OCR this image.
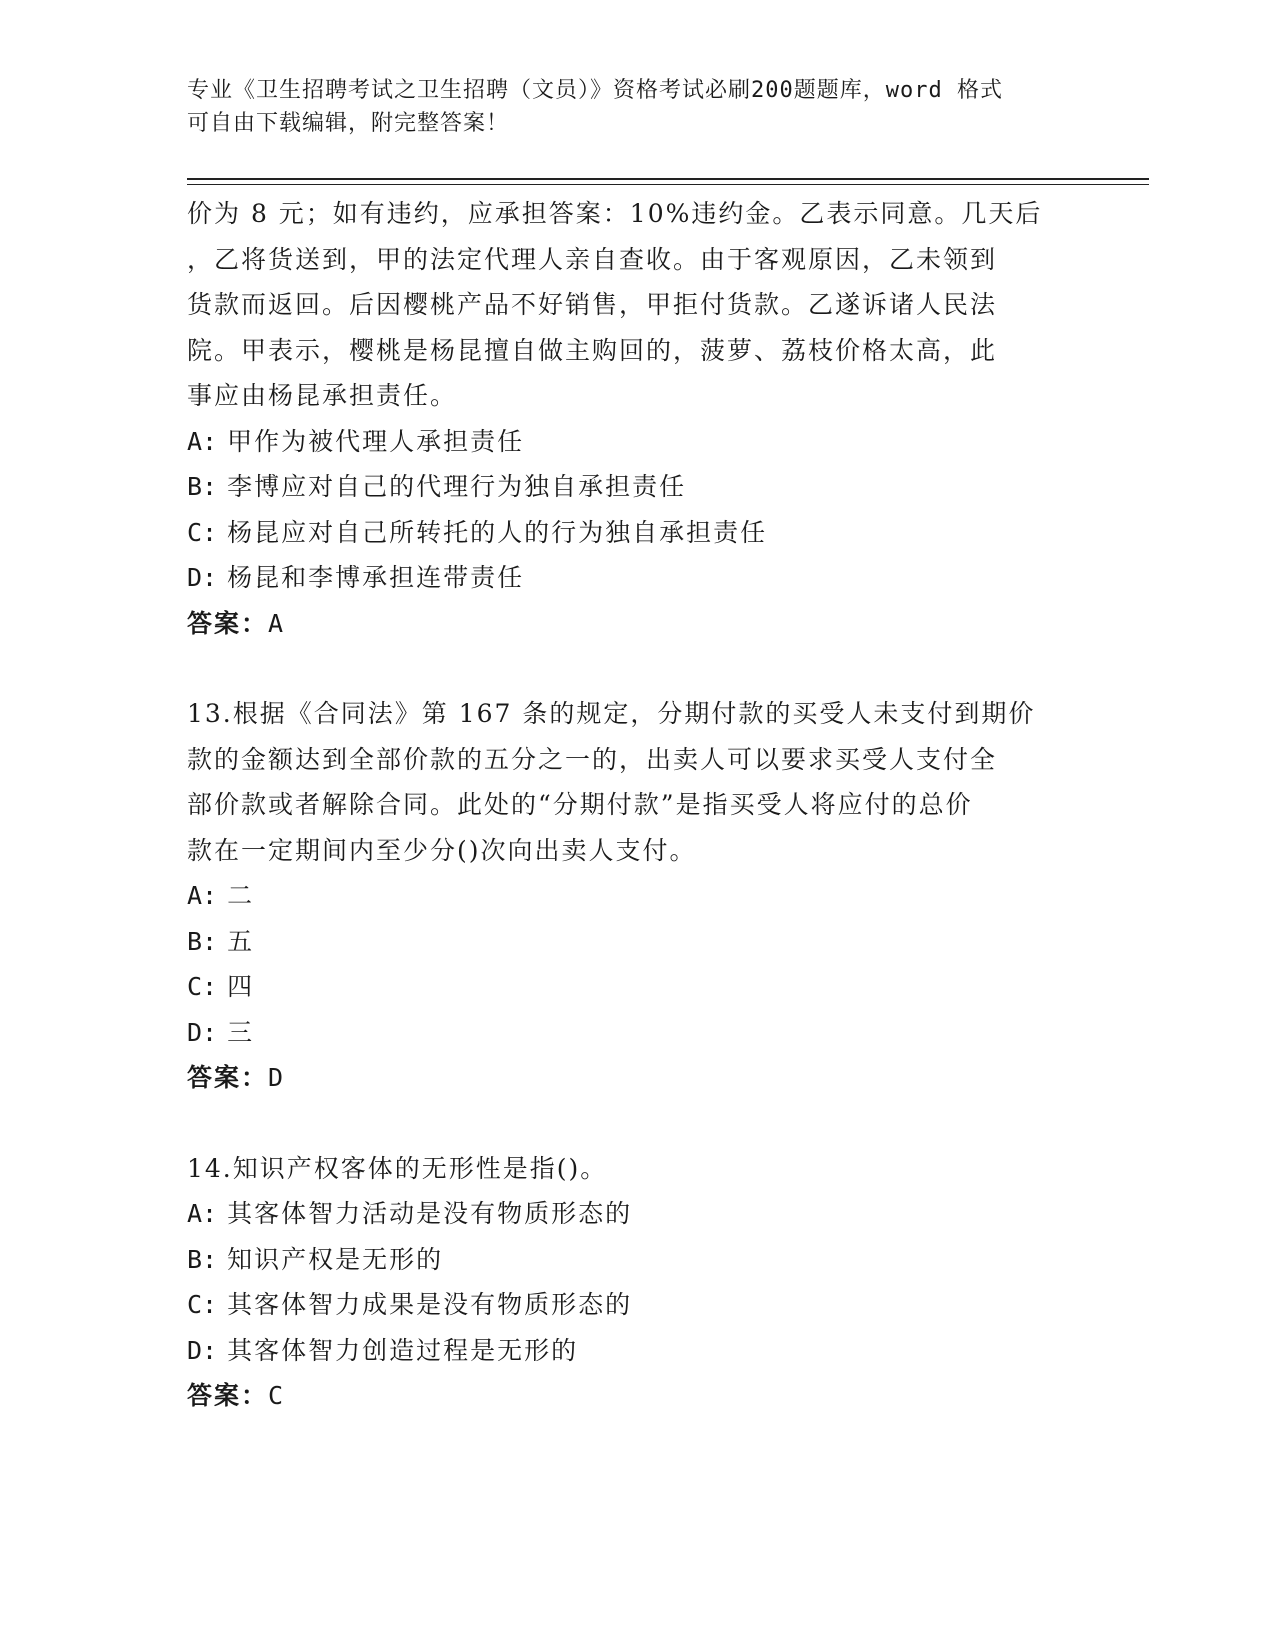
专业《卫生招聘考试之卫生招聘（文员）》资格考试必刷200题题库，word 格式
可自由下载编辑，附完整答案！

价为 8 元；如有违约，应承担答案：10%违约金。乙表示同意。几天后

，乙将货送到，甲的法定代理人亲自查收。由于客观原因，乙未领到

货款而返回。后因樱桃产品不好销售，甲拒付货款。乙遂诉诸人民法

院。甲表示，樱桃是杨昆擅自做主购回的，菠萝、荔枝价格太高，此

事应由杨昆承担责任。

A: 甲作为被代理人承担责任

B: 李博应对自己的代理行为独自承担责任

C: 杨昆应对自己所转托的人的行为独自承担责任

D: 杨昆和李博承担连带责任

答案：A

13.根据《合同法》第 167 条的规定，分期付款的买受人未支付到期价

款的金额达到全部价款的五分之一的，出卖人可以要求买受人支付全

部价款或者解除合同。此处的“分期付款”是指买受人将应付的总价

款在一定期间内至少分()次向出卖人支付。

A: 二

B: 五

C: 四

D: 三

答案：D

14.知识产权客体的无形性是指()。

A: 其客体智力活动是没有物质形态的

B: 知识产权是无形的

C: 其客体智力成果是没有物质形态的

D: 其客体智力创造过程是无形的

答案：C
